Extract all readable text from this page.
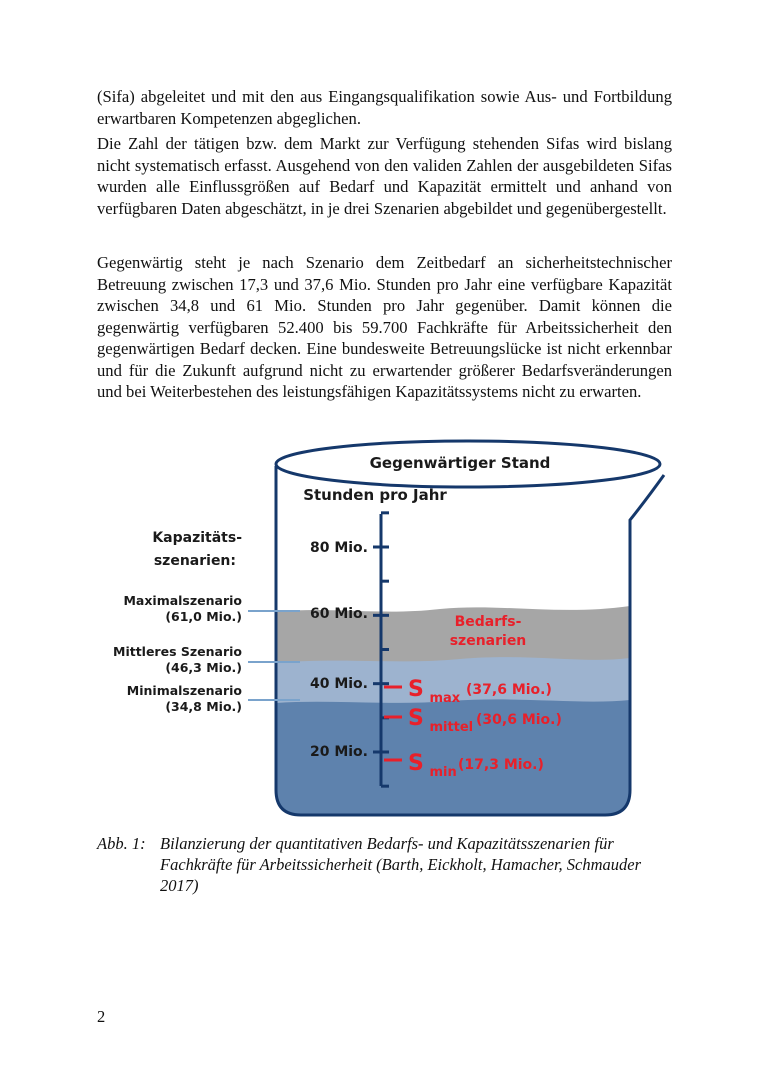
(Sifa) abgeleitet und mit den aus Eingangsqualifikation sowie Aus- und Fortbildung erwartbaren Kompetenzen abgeglichen.

Die Zahl der tätigen bzw. dem Markt zur Verfügung stehenden Sifas wird bislang nicht systematisch erfasst. Ausgehend von den validen Zahlen der ausgebildeten Sifas wurden alle Einflussgrößen auf Bedarf und Kapazität ermittelt und anhand von verfügbaren Daten abgeschätzt, in je drei Szenarien abgebildet und gegenübergestellt.

Gegenwärtig steht je nach Szenario dem Zeitbedarf an sicherheitstechnischer Betreuung zwischen 17,3 und 37,6 Mio. Stunden pro Jahr eine verfügbare Kapazität zwischen 34,8 und 61 Mio. Stunden pro Jahr gegenüber. Damit können die gegenwärtig verfügbaren 52.400 bis 59.700 Fachkräfte für Arbeitssicherheit den gegenwärtigen Bedarf decken. Eine bundesweite Betreuungslücke ist nicht erkennbar und für die Zukunft aufgrund nicht zu erwartender größerer Bedarfsveränderungen und bei Weiterbestehen des leistungsfähigen Kapazitätssystems nicht zu erwarten.

Gegenwärtiger Stand
Stunden pro Jahr
80 Mio.
60 Mio.
40 Mio.
20 Mio.
Kapazitäts-
szenarien:
Maximalszenario
(61,0 Mio.)
Mittleres Szenario
(46,3 Mio.)
Minimalszenario
(34,8 Mio.)
Bedarfs-
szenarien
S $_{max}$ (37,6 Mio.)
S $_{mittel}$ (30,6 Mio.)
S $_{min}$ (17,3 Mio.)
Abb. 1: Bilanzierung der quantitativen Bedarfs- und Kapazitätsszenarien für Fachkräfte für Arbeitssicherheit (Barth, Eickholt, Hamacher, Schmauder 2017)
2
